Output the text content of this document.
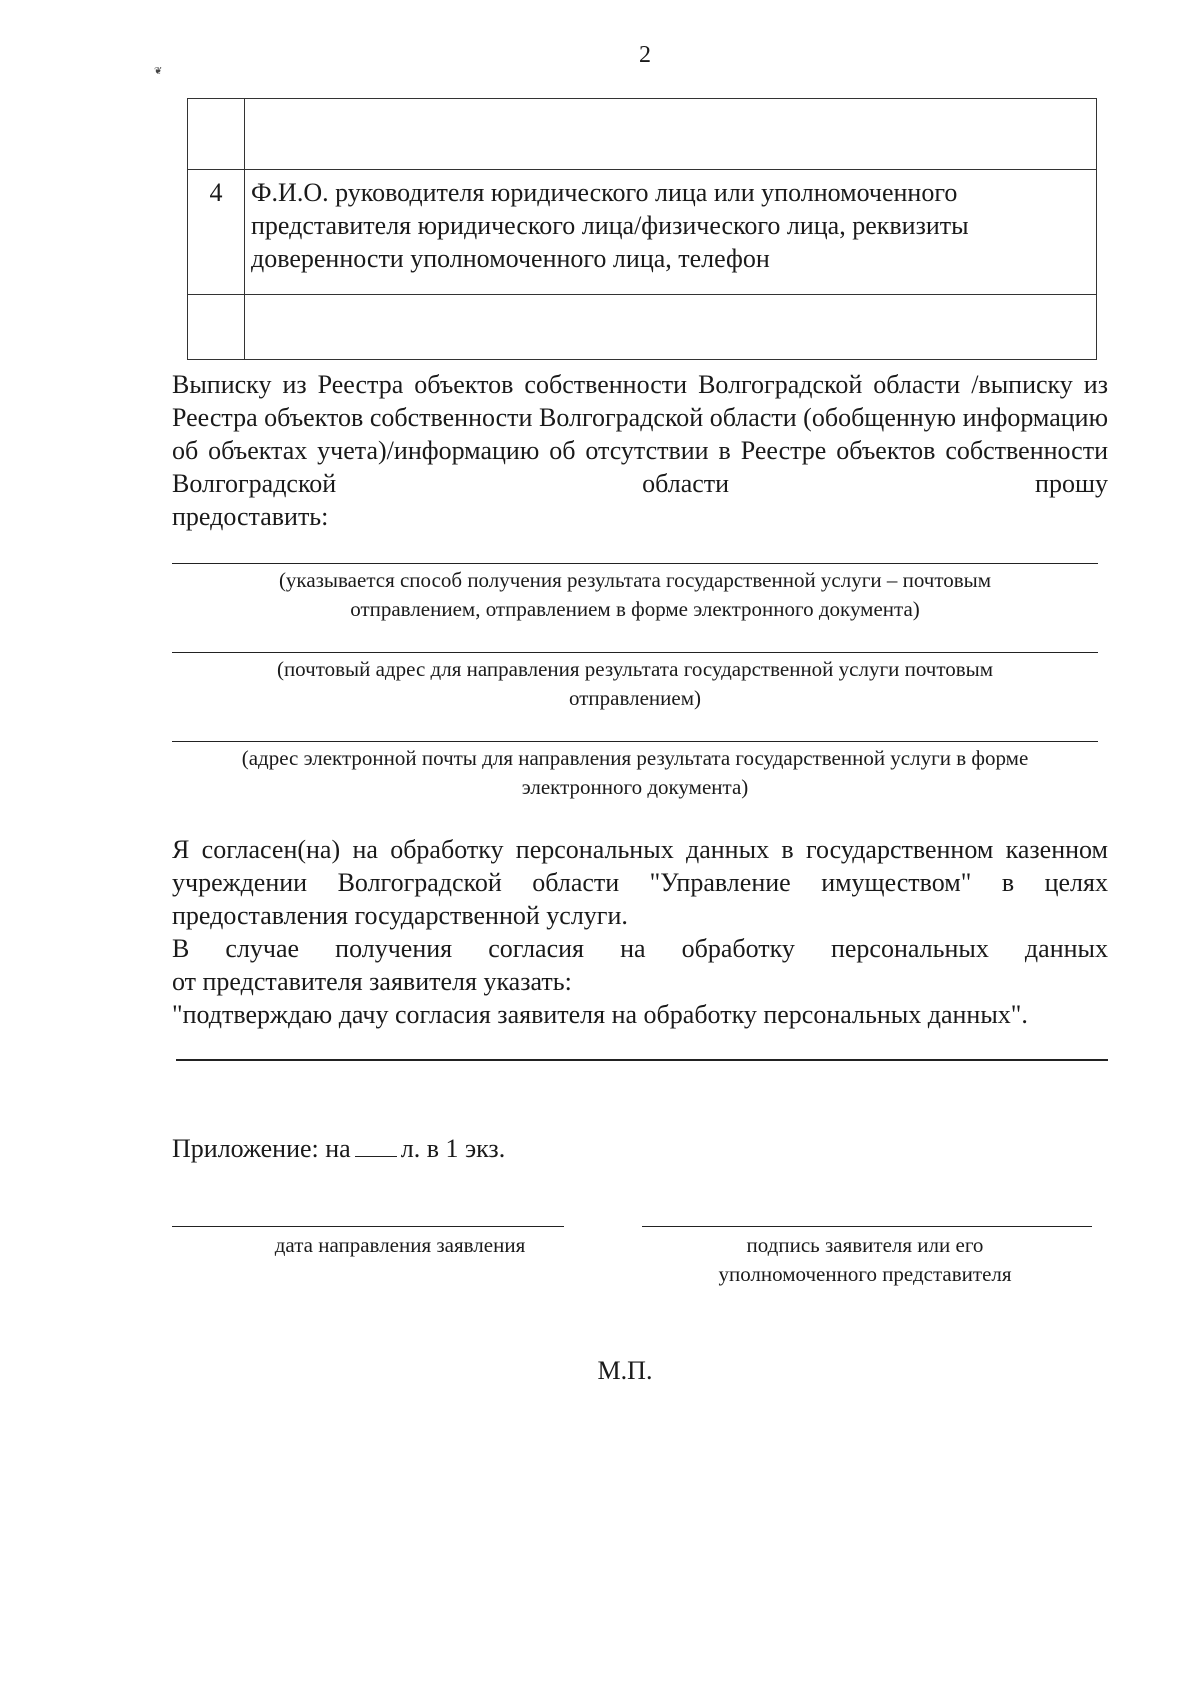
2
❦

4	Ф.И.О. руководителя юридического лица или уполномоченного представителя юридического лица/физического лица, реквизиты доверенности уполномоченного лица, телефон

Выписку из Реестра объектов собственности Волгоградской области /выписку из Реестра объектов собственности Волгоградской области (обобщенную информацию об объектах учета)/информацию об отсутствии в Реестре объектов собственности Волгоградской области прошу
предоставить:
(указывается способ получения результата государственной услуги – почтовым
отправлением, отправлением в форме электронного документа)
(почтовый адрес для направления результата государственной услуги почтовым
отправлением)
(адрес электронной почты для направления результата государственной услуги в форме
электронного документа)
Я согласен(на) на обработку персональных данных в государственном казенном учреждении Волгоградской области "Управление имуществом" в целях предоставления государственной услуги.
В случае получения согласия на обработку персональных данных
от представителя заявителя указать:
"подтверждаю дачу согласия заявителя на обработку персональных данных".
Приложение: на л. в 1 экз.
дата направления заявления	подпись заявителя или его
уполномоченного представителя
М.П.
